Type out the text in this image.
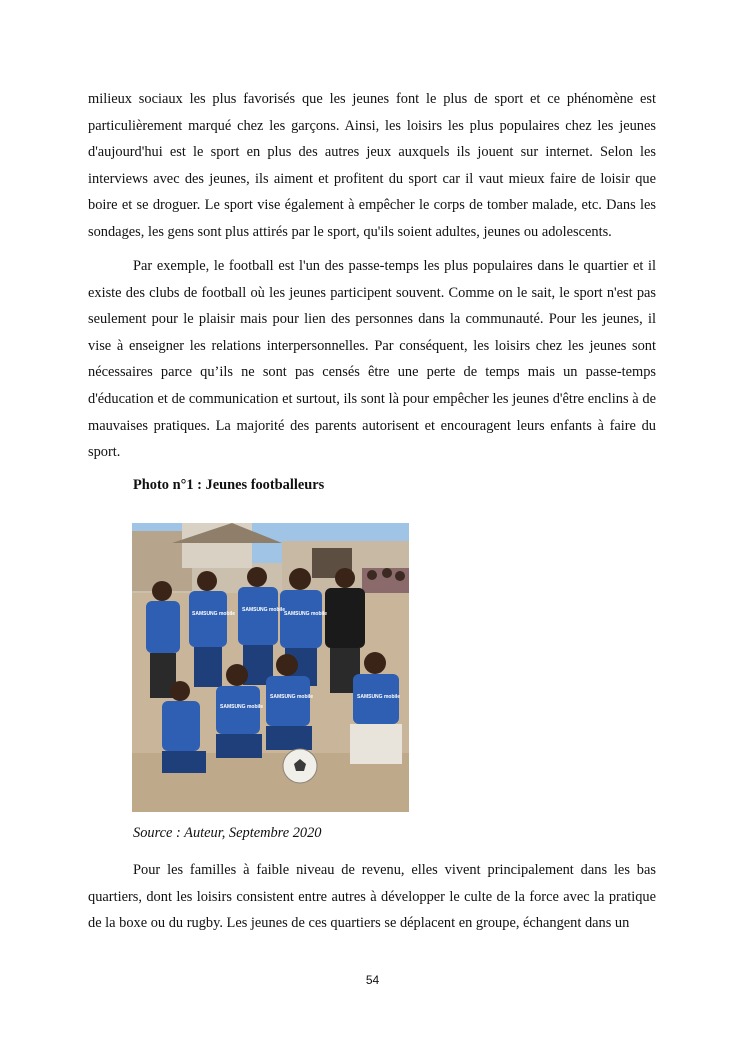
milieux sociaux les plus favorisés que les jeunes font le plus de sport et ce phénomène est particulièrement marqué chez les garçons. Ainsi, les loisirs les plus populaires chez les jeunes d'aujourd'hui est le sport en plus des autres jeux auxquels ils jouent sur internet. Selon les interviews avec des jeunes, ils aiment et profitent du sport car il vaut mieux faire de loisir que boire et se droguer. Le sport vise également à empêcher le corps de tomber malade, etc. Dans les sondages, les gens sont plus attirés par le sport, qu'ils soient adultes, jeunes ou adolescents.

Par exemple, le football est l'un des passe-temps les plus populaires dans le quartier et il existe des clubs de football où les jeunes participent souvent. Comme on le sait, le sport n'est pas seulement pour le plaisir mais pour lien des personnes dans la communauté. Pour les jeunes, il vise à enseigner les relations interpersonnelles. Par conséquent, les loisirs chez les jeunes sont nécessaires parce qu’ils ne sont pas censés être une perte de temps mais un passe-temps d'éducation et de communication et surtout, ils sont là pour empêcher les jeunes d'être enclins à de mauvaises pratiques. La majorité des parents autorisent et encouragent leurs enfants à faire du sport.

Photo n°1 : Jeunes footballeurs

SAMSUNG mobile
SAMSUNG mobile
SAMSUNG mobile
SAMSUNG mobile
SAMSUNG mobile	SAMSUNG mobile

Source : Auteur, Septembre 2020

Pour les familles à faible niveau de revenu, elles vivent principalement dans les bas quartiers, dont les loisirs consistent entre autres à développer le culte de la force avec la pratique de la boxe ou du rugby. Les jeunes de ces quartiers se déplacent en groupe, échangent dans un

54
